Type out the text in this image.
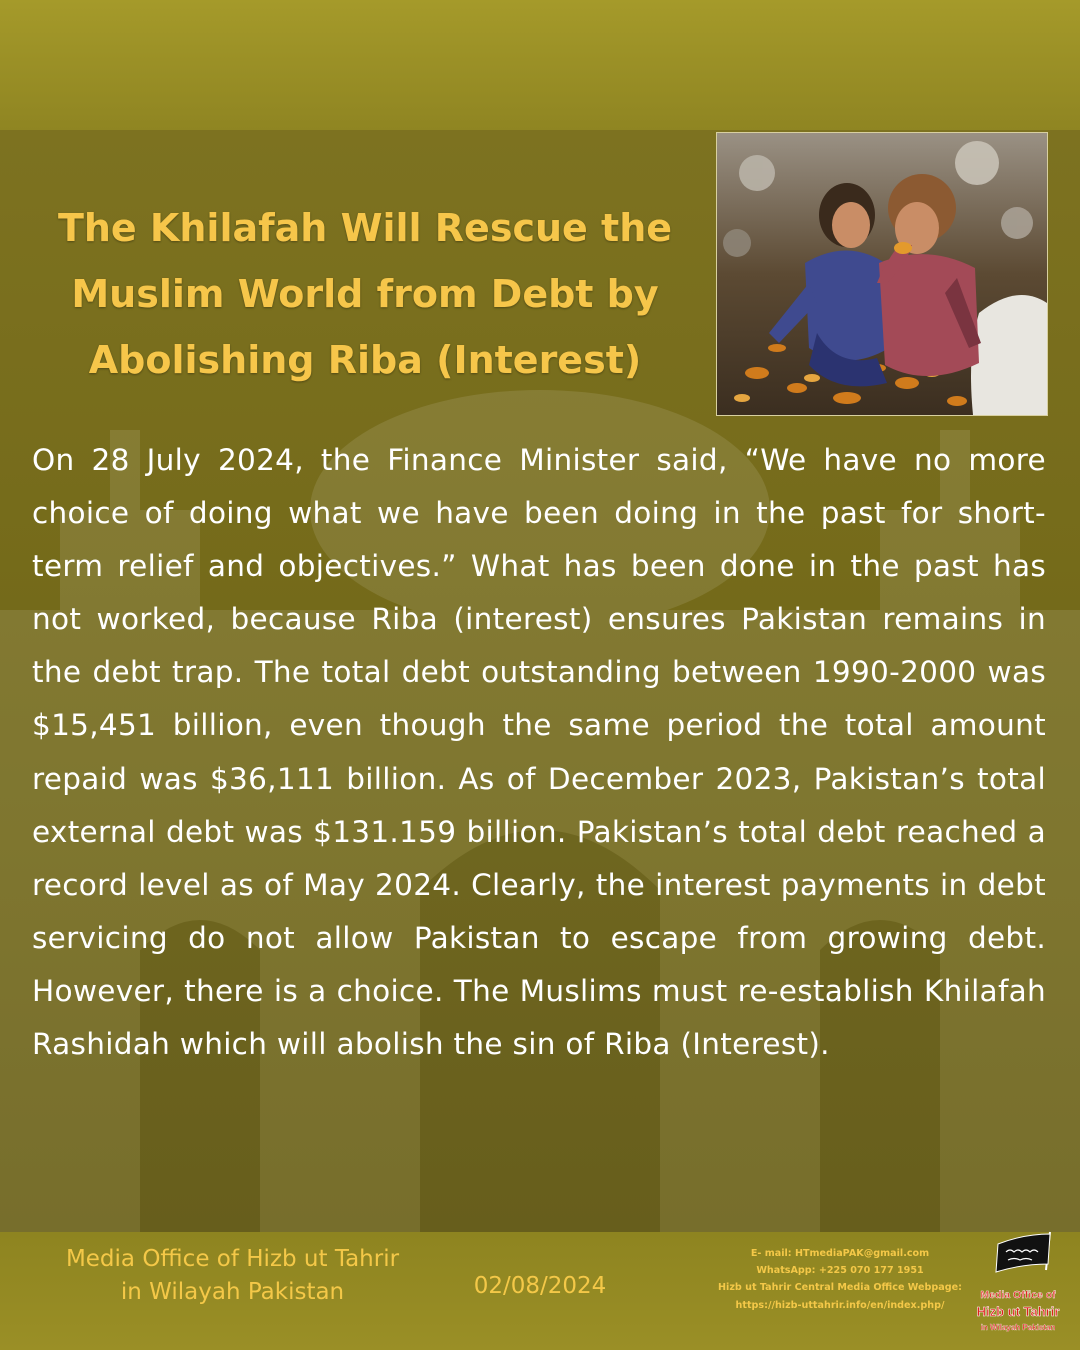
The Khilafah Will Rescue the Muslim World from Debt by Abolishing Riba (Interest)

On 28 July 2024, the Finance Minister said, “We have no more choice of doing what we have been doing in the past for short-term relief and objectives.” What has been done in the past has not worked, because Riba (interest) ensures Pakistan remains in the debt trap. The total debt outstanding between 1990-2000 was $15,451 billion, even though the same period the total amount repaid was $36,111 billion. As of December 2023, Pakistan’s total external debt was $131.159 billion. Pakistan’s total debt reached a record level as of May 2024. Clearly, the interest payments in debt servicing do not allow Pakistan to escape from growing debt. However, there is a choice. The Muslims must re-establish Khilafah Rashidah which will abolish the sin of Riba (Interest).

Media Office of Hizb ut Tahrir
in Wilayah Pakistan	02/08/2024
E- mail: HTmediaPAK@gmail.com
WhatsApp: +225 070 177 1951
Hizb ut Tahrir Central Media Office Webpage:
https://hizb-uttahrir.info/en/index.php/
Media Office of
Hizb ut Tahrir
in Wilayah Pakistan
